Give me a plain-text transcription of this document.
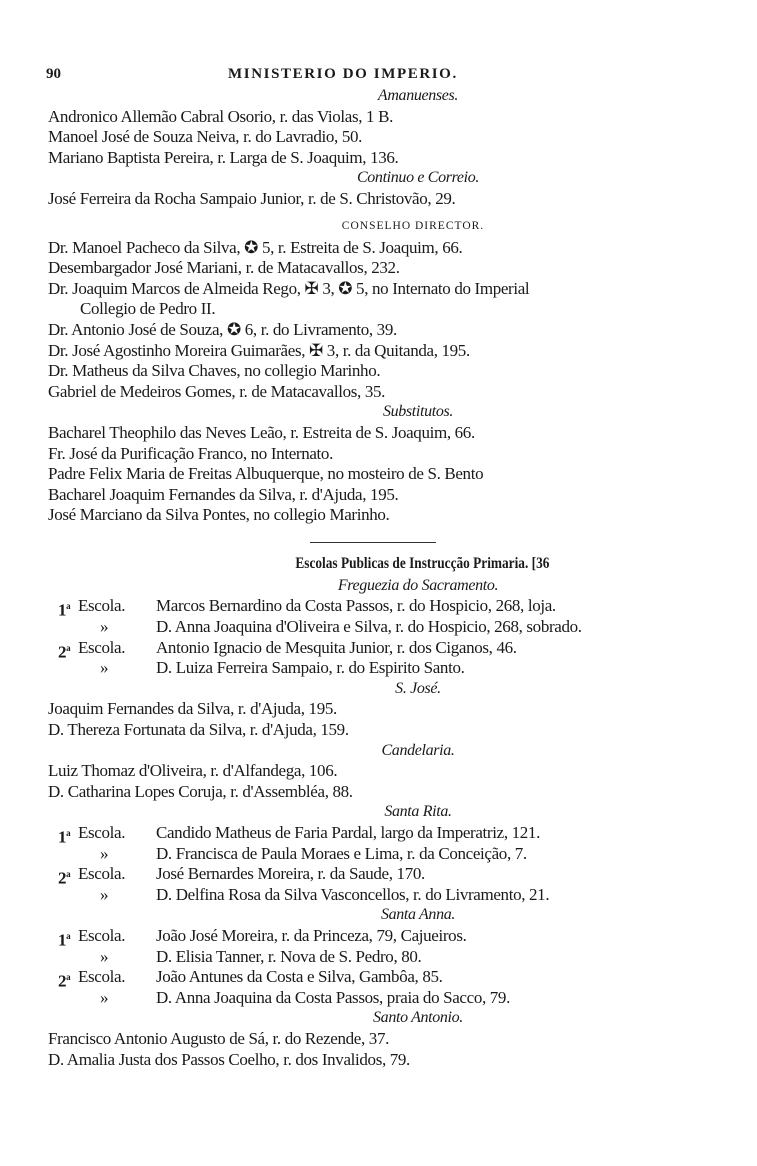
90	MINISTERIO DO IMPERIO.
Amanuenses.
Andronico Allemão Cabral Osorio, r. das Violas, 1 B.
Manoel José de Souza Neiva, r. do Lavradio, 50.
Mariano Baptista Pereira, r. Larga de S. Joaquim, 136.
Continuo e Correio.
José Ferreira da Rocha Sampaio Junior, r. de S. Christovão, 29.
CONSELHO DIRECTOR.
Dr. Manoel Pacheco da Silva, ✪ 5, r. Estreita de S. Joaquim, 66.
Desembargador José Mariani, r. de Matacavallos, 232.
Dr. Joaquim Marcos de Almeida Rego, ✠ 3, ✪ 5, no Internato do Imperial
Collegio de Pedro II.
Dr. Antonio José de Souza, ✪ 6, r. do Livramento, 39.
Dr. José Agostinho Moreira Guimarães, ✠ 3, r. da Quitanda, 195.
Dr. Matheus da Silva Chaves, no collegio Marinho.
Gabriel de Medeiros Gomes, r. de Matacavallos, 35.
Substitutos.
Bacharel Theophilo das Neves Leão, r. Estreita de S. Joaquim, 66.
Fr. José da Purificação Franco, no Internato.
Padre Felix Maria de Freitas Albuquerque, no mosteiro de S. Bento
Bacharel Joaquim Fernandes da Silva, r. d'Ajuda, 195.
José Marciano da Silva Pontes, no collegio Marinho.
Escolas Publicas de Instrucção Primaria. [36
Freguezia do Sacramento.
1$^a$ Escola. Marcos Bernardino da Costa Passos, r. do Hospicio, 268, loja.
»	D. Anna Joaquina d'Oliveira e Silva, r. do Hospicio, 268, sobrado.
2$^a$ Escola. Antonio Ignacio de Mesquita Junior, r. dos Ciganos, 46.
»	D. Luiza Ferreira Sampaio, r. do Espirito Santo.
S. José.
Joaquim Fernandes da Silva, r. d'Ajuda, 195.
D. Thereza Fortunata da Silva, r. d'Ajuda, 159.
Candelaria.
Luiz Thomaz d'Oliveira, r. d'Alfandega, 106.
D. Catharina Lopes Coruja, r. d'Assembléa, 88.
Santa Rita.
1$^a$ Escola. Candido Matheus de Faria Pardal, largo da Imperatriz, 121.
»	D. Francisca de Paula Moraes e Lima, r. da Conceição, 7.
2$^a$ Escola. José Bernardes Moreira, r. da Saude, 170.
»	D. Delfina Rosa da Silva Vasconcellos, r. do Livramento, 21.
Santa Anna.
1$^a$ Escola. João José Moreira, r. da Princeza, 79, Cajueiros.
»	D. Elisia Tanner, r. Nova de S. Pedro, 80.
2$^a$ Escola. João Antunes da Costa e Silva, Gambôa, 85.
»	D. Anna Joaquina da Costa Passos, praia do Sacco, 79.
Santo Antonio.
Francisco Antonio Augusto de Sá, r. do Rezende, 37.
D. Amalia Justa dos Passos Coelho, r. dos Invalidos, 79.
